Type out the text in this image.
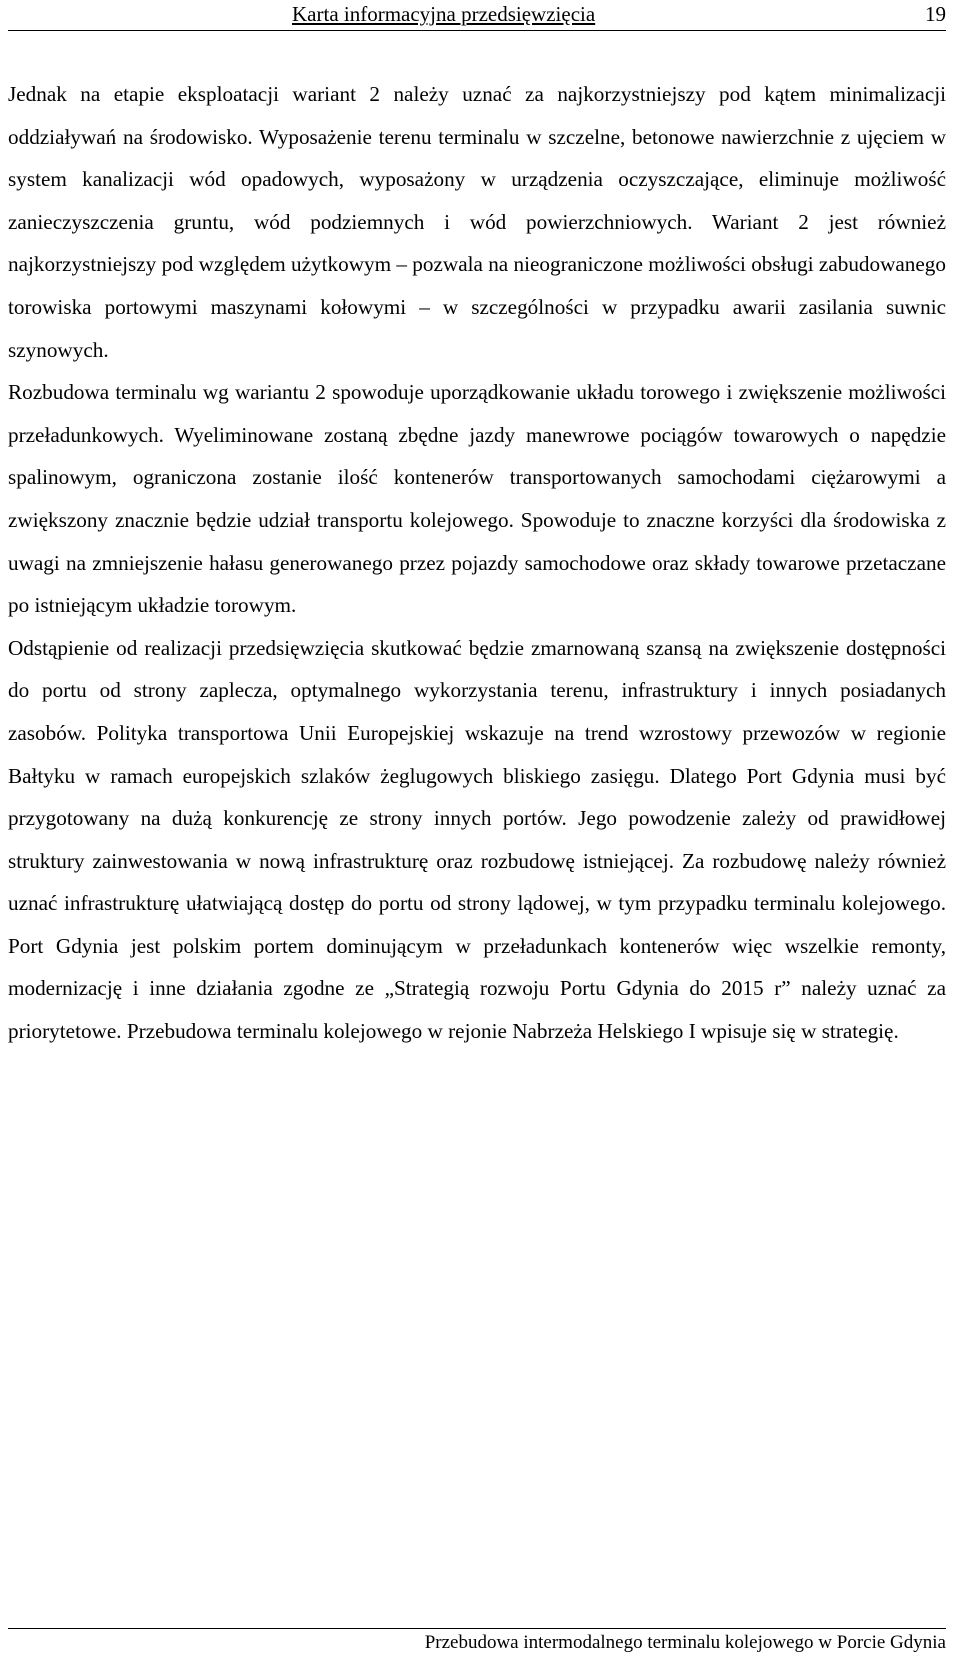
Karta informacyjna przedsięwzięcia	19

Jednak na etapie eksploatacji wariant 2 należy uznać za najkorzystniejszy pod kątem minimalizacji oddziaływań na środowisko. Wyposażenie terenu terminalu w szczelne, betonowe nawierzchnie z ujęciem w system kanalizacji wód opadowych, wyposażony w urządzenia oczyszczające, eliminuje możliwość zanieczyszczenia gruntu, wód podziemnych i wód powierzchniowych. Wariant 2 jest również najkorzystniejszy pod względem użytkowym – pozwala na nieograniczone możliwości obsługi zabudowanego torowiska portowymi maszynami kołowymi – w szczególności w przypadku awarii zasilania suwnic szynowych.

Rozbudowa terminalu wg wariantu 2 spowoduje uporządkowanie układu torowego i zwiększenie możliwości przeładunkowych. Wyeliminowane zostaną zbędne jazdy manewrowe pociągów towarowych o napędzie spalinowym, ograniczona zostanie ilość kontenerów transportowanych samochodami ciężarowymi a zwiększony znacznie będzie udział transportu kolejowego. Spowoduje to znaczne korzyści dla środowiska z uwagi na zmniejszenie hałasu generowanego przez pojazdy samochodowe oraz składy towarowe przetaczane po istniejącym układzie torowym.

Odstąpienie od realizacji przedsięwzięcia skutkować będzie zmarnowaną szansą na zwiększenie dostępności do portu od strony zaplecza, optymalnego wykorzystania terenu, infrastruktury i innych posiadanych zasobów. Polityka transportowa Unii Europejskiej wskazuje na trend wzrostowy przewozów w regionie Bałtyku w ramach europejskich szlaków żeglugowych bliskiego zasięgu. Dlatego Port Gdynia musi być przygotowany na dużą konkurencję ze strony innych portów. Jego powodzenie zależy od prawidłowej struktury zainwestowania w nową infrastrukturę oraz rozbudowę istniejącej. Za rozbudowę należy również uznać infrastrukturę ułatwiającą dostęp do portu od strony lądowej, w tym przypadku terminalu kolejowego. Port Gdynia jest polskim portem dominującym w przeładunkach kontenerów więc wszelkie remonty, modernizację i inne działania zgodne ze „Strategią rozwoju Portu Gdynia do 2015 r” należy uznać za priorytetowe. Przebudowa terminalu kolejowego w rejonie Nabrzeża Helskiego I wpisuje się w strategię.

Przebudowa intermodalnego terminalu kolejowego w Porcie Gdynia
